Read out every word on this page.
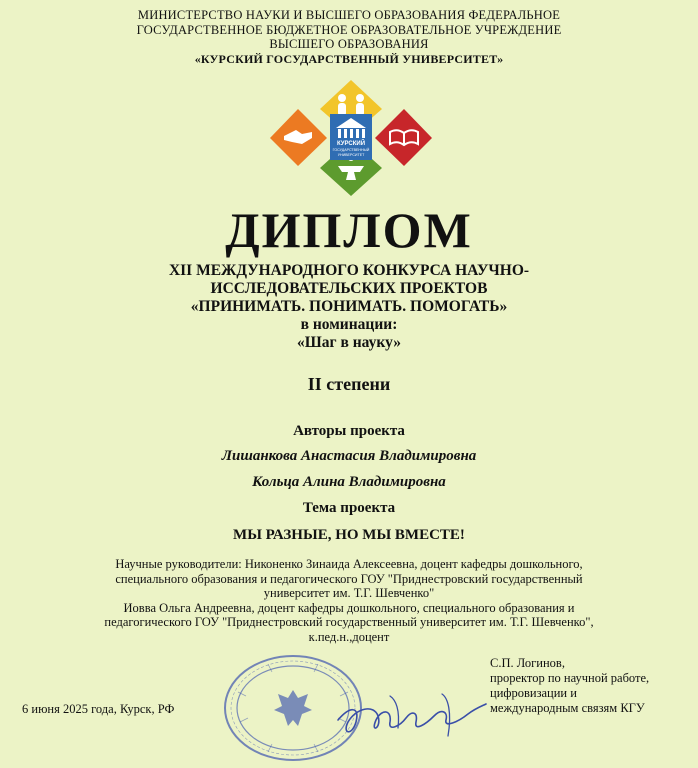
МИНИСТЕРСТВО НАУКИ И ВЫСШЕГО ОБРАЗОВАНИЯ ФЕДЕРАЛЬНОЕ
ГОСУДАРСТВЕННОЕ БЮДЖЕТНОЕ ОБРАЗОВАТЕЛЬНОЕ УЧРЕЖДЕНИЕ
ВЫСШЕГО ОБРАЗОВАНИЯ
«КУРСКИЙ ГОСУДАРСТВЕННЫЙ УНИВЕРСИТЕТ»
КУРСКИЙ
ГОСУДАРСТВЕННЫЙ
УНИВЕРСИТЕТ
ДИПЛОМ
XII МЕЖДУНАРОДНОГО КОНКУРСА НАУЧНО-
ИССЛЕДОВАТЕЛЬСКИХ ПРОЕКТОВ
«ПРИНИМАТЬ. ПОНИМАТЬ. ПОМОГАТЬ»
в номинации:
«Шаг в науку»
II степени
Авторы проекта
Лишанкова Анастасия Владимировна
Кольца Алина Владимировна
Тема проекта
МЫ РАЗНЫЕ, НО МЫ ВМЕСТЕ!

Научные руководители: Никоненко Зинаида Алексеевна, доцент кафедры дошкольного,

специального образования и педагогического ГОУ "Приднестровский государственный

университет им. Т.Г. Шевченко"

Иовва Ольга Андреевна, доцент кафедры дошкольного, специального образования и

педагогического ГОУ "Приднестровский государственный университет им. Т.Г. Шевченко",

к.пед.н.,доцент

С.П. Логинов,
проректор по научной работе,
цифровизации и
международным связям КГУ
6 июня 2025 года, Курск, РФ
